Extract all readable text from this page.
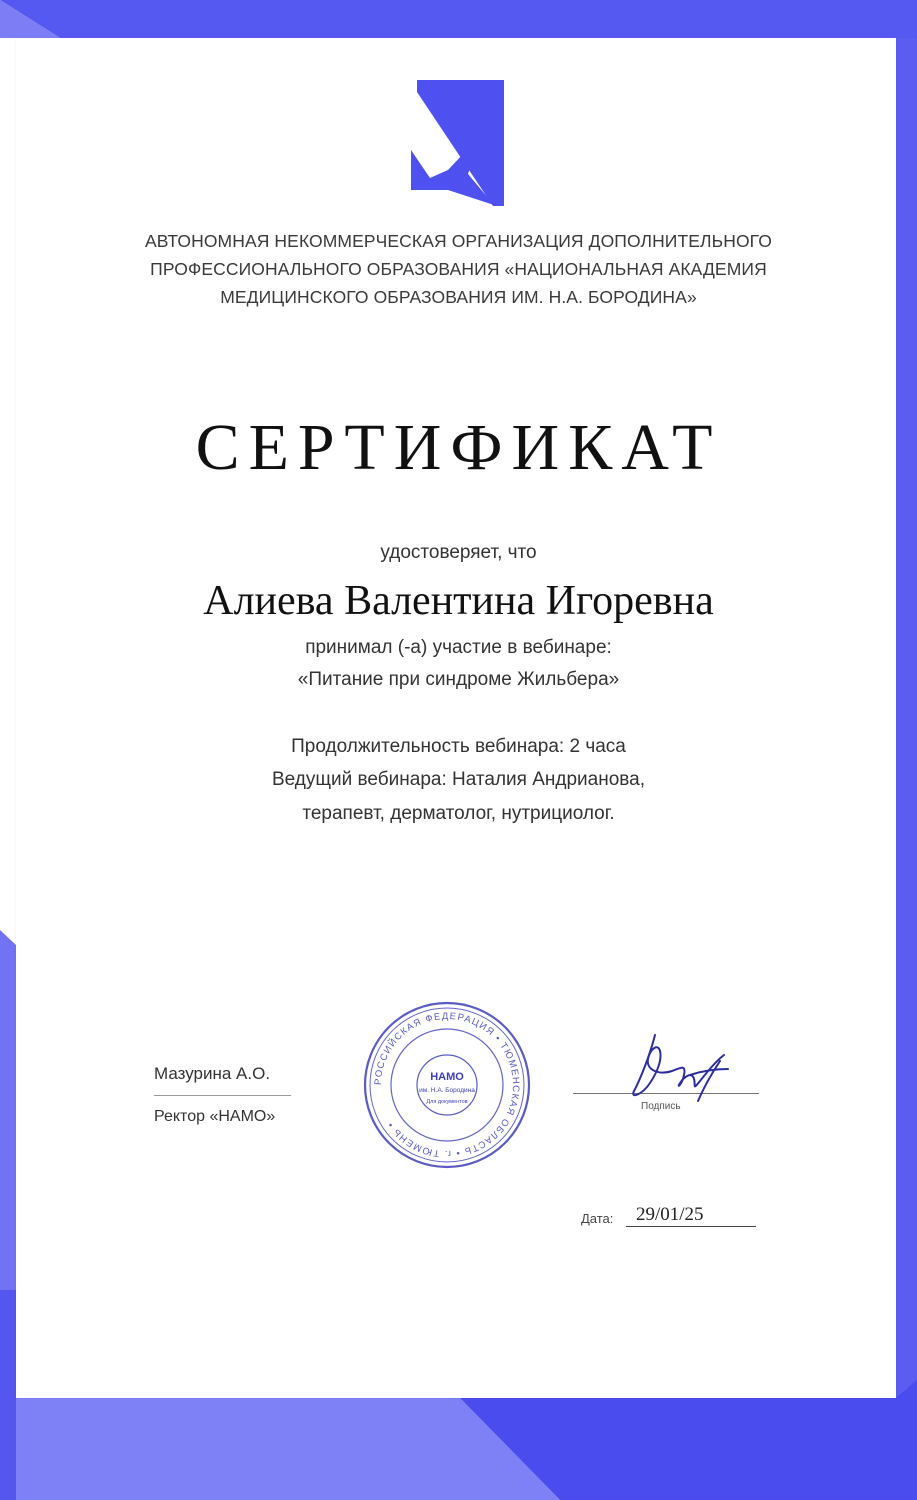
АВТОНОМНАЯ НЕКОММЕРЧЕСКАЯ ОРГАНИЗАЦИЯ ДОПОЛНИТЕЛЬНОГО
ПРОФЕССИОНАЛЬНОГО ОБРАЗОВАНИЯ «НАЦИОНАЛЬНАЯ АКАДЕМИЯ
МЕДИЦИНСКОГО ОБРАЗОВАНИЯ ИМ. Н.А. БОРОДИНА»
СЕРТИФИКАТ
удостоверяет, что
Алиева Валентина Игоревна
принимал (-а) участие в вебинаре:
«Питание при синдроме Жильбера»
Продолжительность вебинара: 2 часа
Ведущий вебинара: Наталия Андрианова,
терапевт, дерматолог, нутрициолог.
Мазурина А.О.
Ректор «НАМО»
РОССИЙСКАЯ ФЕДЕРАЦИЯ • ТЮМЕНСКАЯ ОБЛАСТЬ • г. ТЮМЕНЬ •
НАМО
им. Н.А. Бородина
Для документов	Подпись
Дата:	29/01/25
